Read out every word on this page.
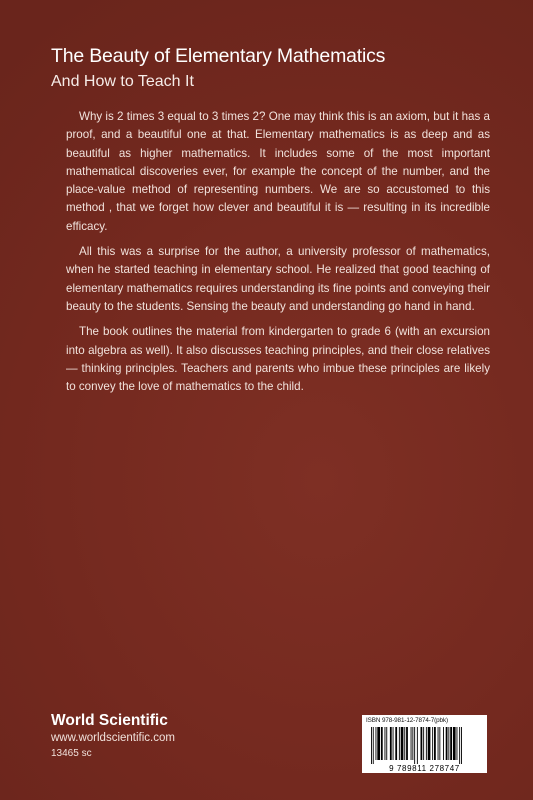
The Beauty of Elementary Mathematics
And How to Teach It

Why is 2 times 3 equal to 3 times 2? One may think this is an axiom, but it has a proof, and a beautiful one at that. Elementary mathematics is as deep and as beautiful as higher mathematics. It includes some of the most important mathematical discoveries ever, for example the concept of the number, and the place-value method of representing numbers. We are so accustomed to this method , that we forget how clever and beautiful it is — resulting in its incredible efficacy.

All this was a surprise for the author, a university professor of mathematics, when he started teaching in elementary school. He realized that good teaching of elementary mathematics requires understanding its fine points and conveying their beauty to the students. Sensing the beauty and understanding go hand in hand.

The book outlines the material from kindergarten to grade 6 (with an excursion into algebra as well). It also discusses teaching principles, and their close relatives — thinking principles. Teachers and parents who imbue these principles are likely to convey the love of mathematics to the child.

World Scientific
www.worldscientific.com
13465 sc
ISBN 978-981-12-7874-7(pbk)
9 789811 278747
